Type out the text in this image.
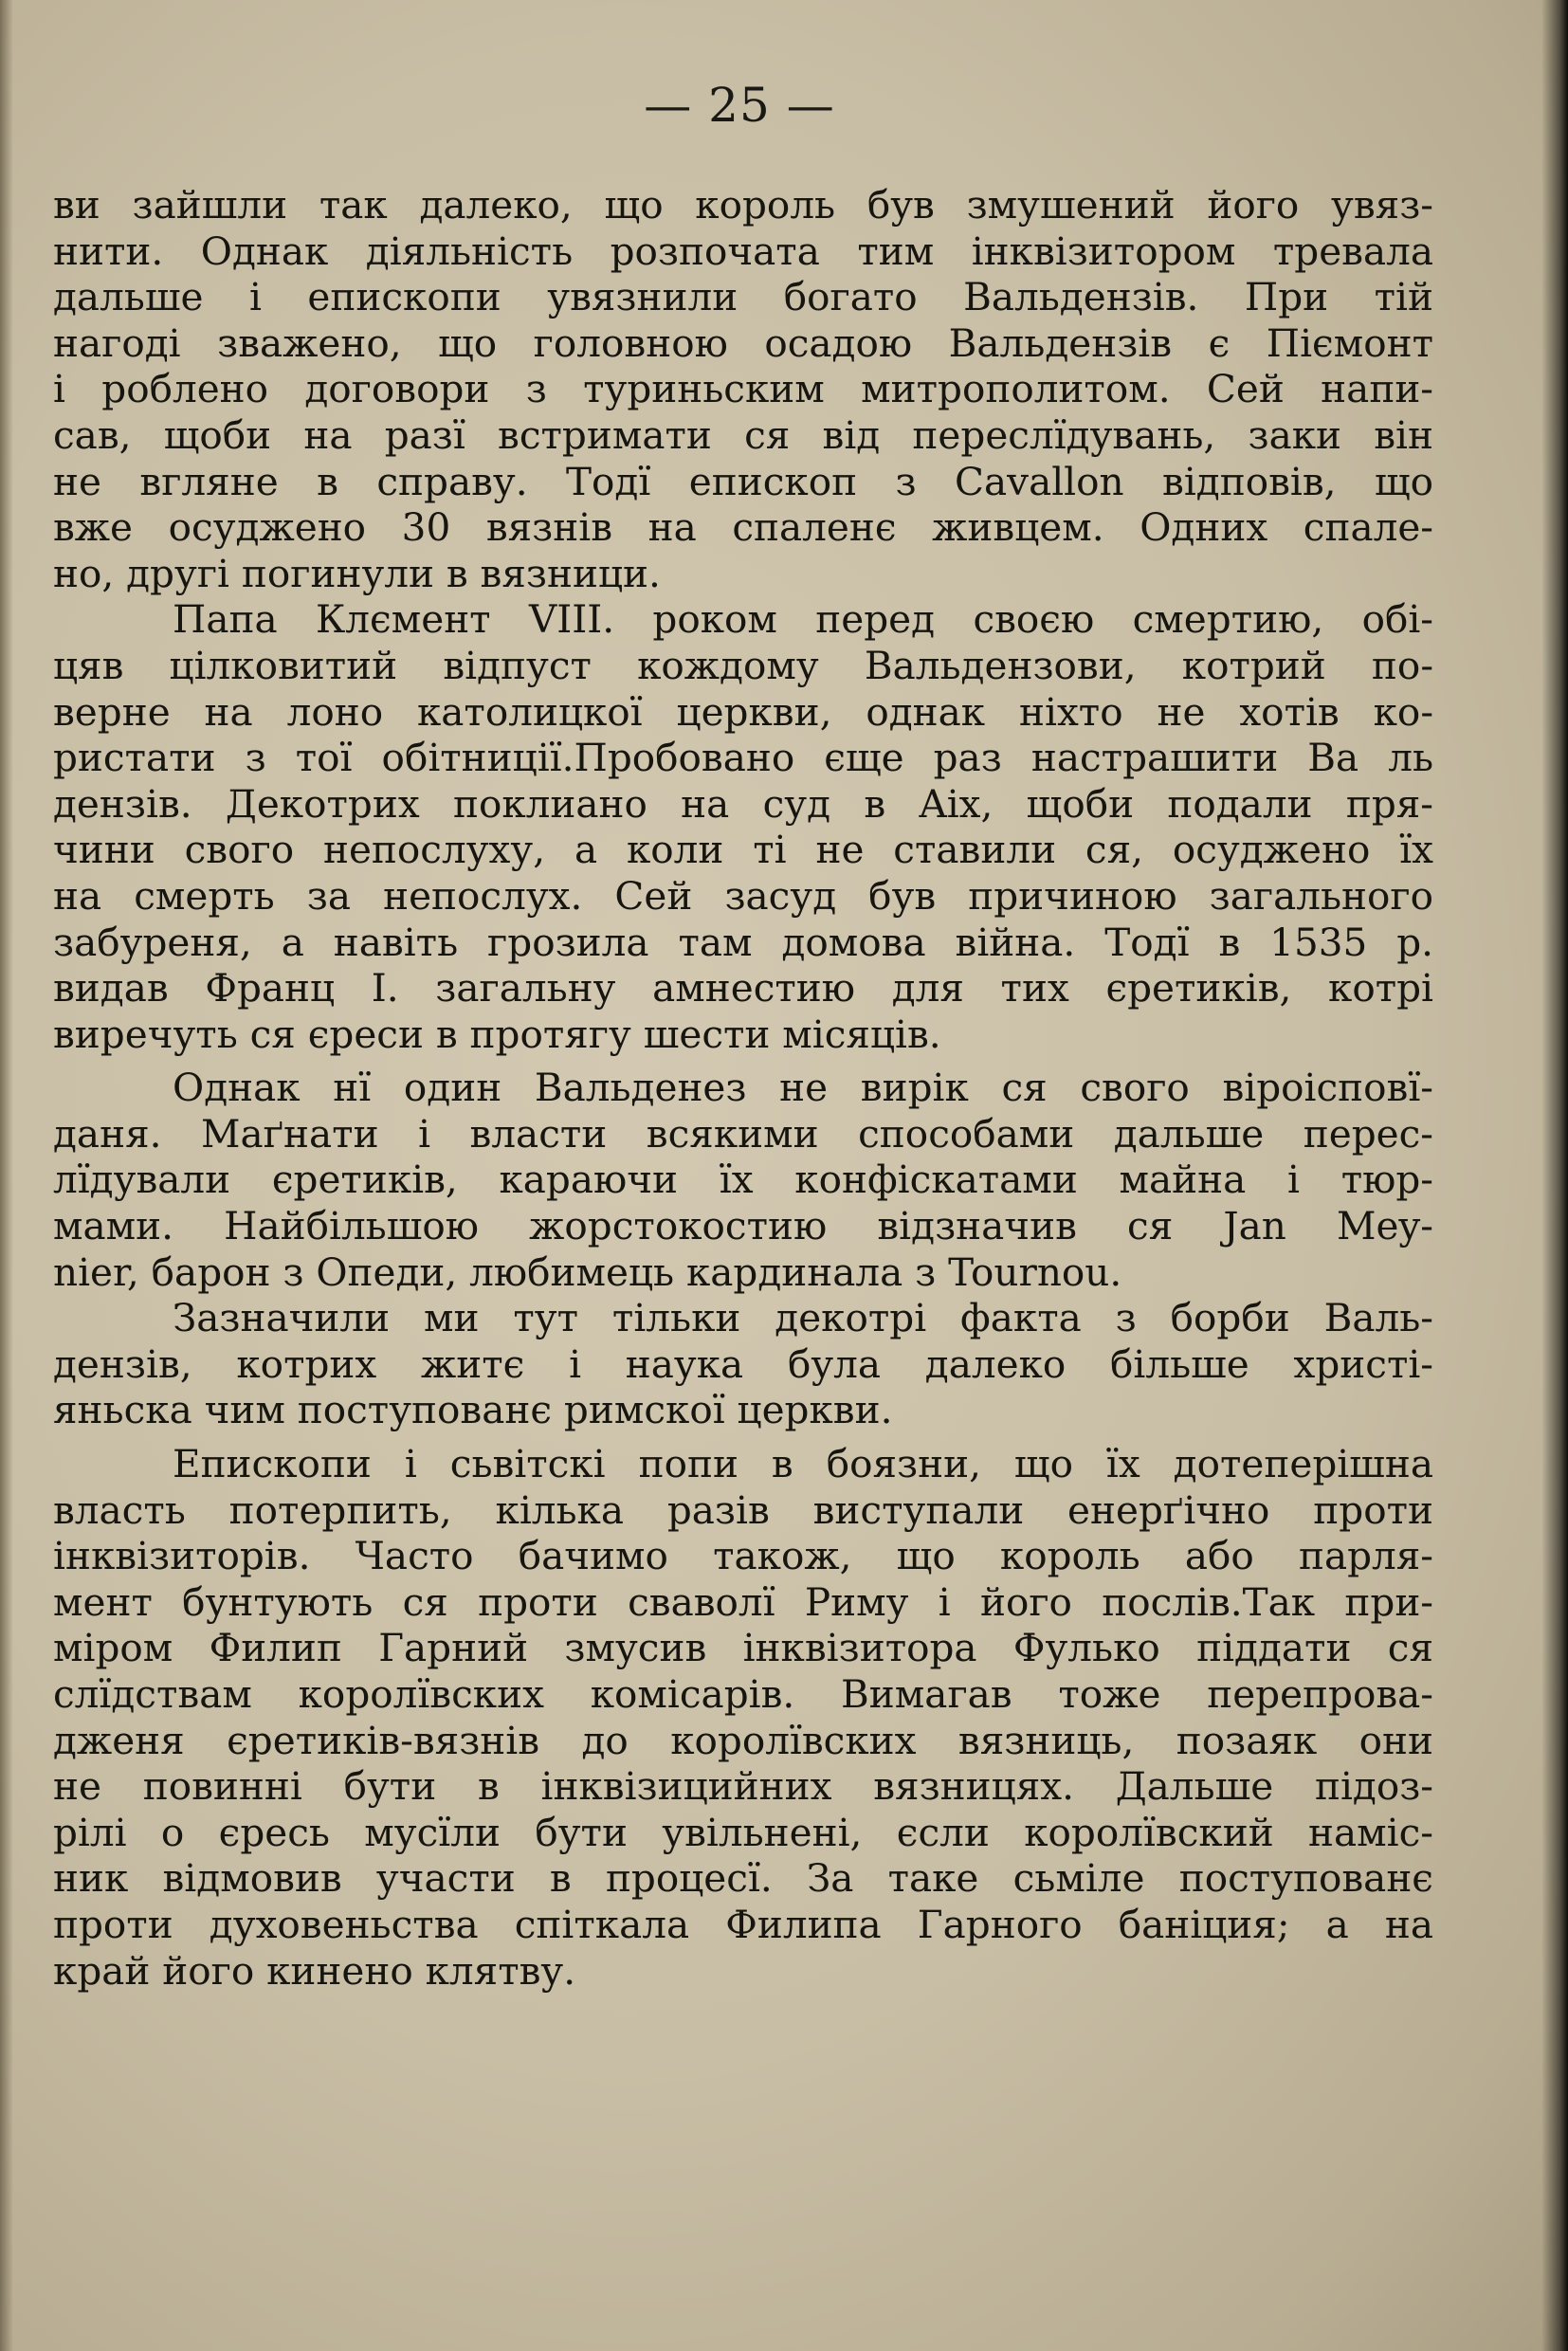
— 25 —
ви зайшли так далеко, що король був змушений його увяз-
нити. Однак діяльність розпочата тим інквізитором тревала
дальше і епископи увязнили богато Вальдензів. При тій
нагоді зважено, що головною осадою Вальдензів є Піємонт
і роблено договори з туриньским митрополитом. Сей напи-
сав, щоби на разї встримати ся від переслїдувань, заки він
не вгляне в справу. Тодї епископ з Cavallon відповів, що
вже осуджено 30 вязнів на спаленє живцем. Одних спале-
но, другі погинули в вязници.
Папа Клємент VIII. роком перед своєю смертию, обі-
цяв цілковитий відпуст кождому Вальдензови, котрий по-
верне на лоно католицкої церкви, однак ніхто не хотів ко-
ристати з тої обітниції.Пробовано єще раз настрашити Ва ль
дензів. Декотрих поклиано на суд в Aix, щоби подали пря-
чини свого непослуху, а коли ті не ставили ся, осуджено їх
на смерть за непослух. Сей засуд був причиною загального
забуреня, а навіть грозила там домова війна. Тодї в 1535 р.
видав Франц І. загальну амнестию для тих єретиків, котрі
виречуть ся єреси в протягу шести місяців.
Однак нї один Вальденез не вирік ся свого віроісповї-
даня. Маґнати і власти всякими способами дальше перес-
лїдували єретиків, караючи їх конфіскатами майна і тюр-
мами. Найбільшою жорстокостию відзначив ся Jan Mey-
nier, барон з Опеди, любимець кардинала з Tournou.
Зазначили ми тут тільки декотрі факта з борби Валь-
дензів, котрих житє і наука була далеко більше христі-
яньска чим поступованє римскої церкви.
Епископи і сьвітскі попи в боязни, що їх дотеперішна
власть потерпить, кілька разів виступали енерґічно проти
інквізиторів. Часто бачимо також, що король або парля-
мент бунтують ся проти сваволї Риму і його послів.Так при-
міром Филип Гарний змусив інквізитора Фулько піддати ся
слїдствам королївских комісарів. Вимагав тоже перепрова-
дженя єретиків-вязнів до королївских вязниць, позаяк они
не повинні бути в інквізицийних вязницях. Дальше підоз-
рілі о єресь мусїли бути увільнені, єсли королївский наміс-
ник відмовив участи в процесї. За таке сьміле поступованє
проти духовеньства спіткала Филипа Гарного баніция; а на
край його кинено клятву.
